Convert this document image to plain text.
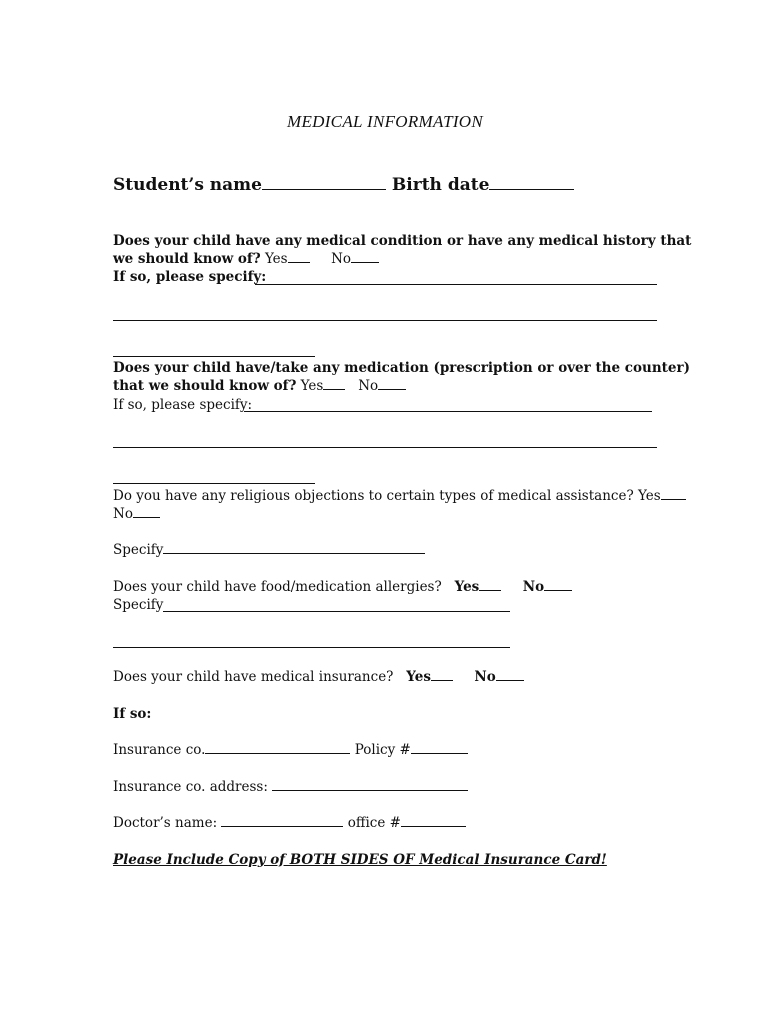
MEDICAL INFORMATION
Student’s name	Birth date
Does your child have any medical condition or have any medical history that
we should know of? Yes	No
If so, please specify:
Does your child have/take any medication (prescription or over the counter)
that we should know of? Yes	No
If so, please specify:
Do you have any religious objections to certain types of medical assistance? Yes
No
Specify
Does your child have food/medication allergies? Yes	No
Specify
Does your child have medical insurance? Yes	No
If so:
Insurance co.	Policy #
Insurance co. address:
Doctor’s name:	office #
Please Include Copy of BOTH SIDES OF Medical Insurance Card!
